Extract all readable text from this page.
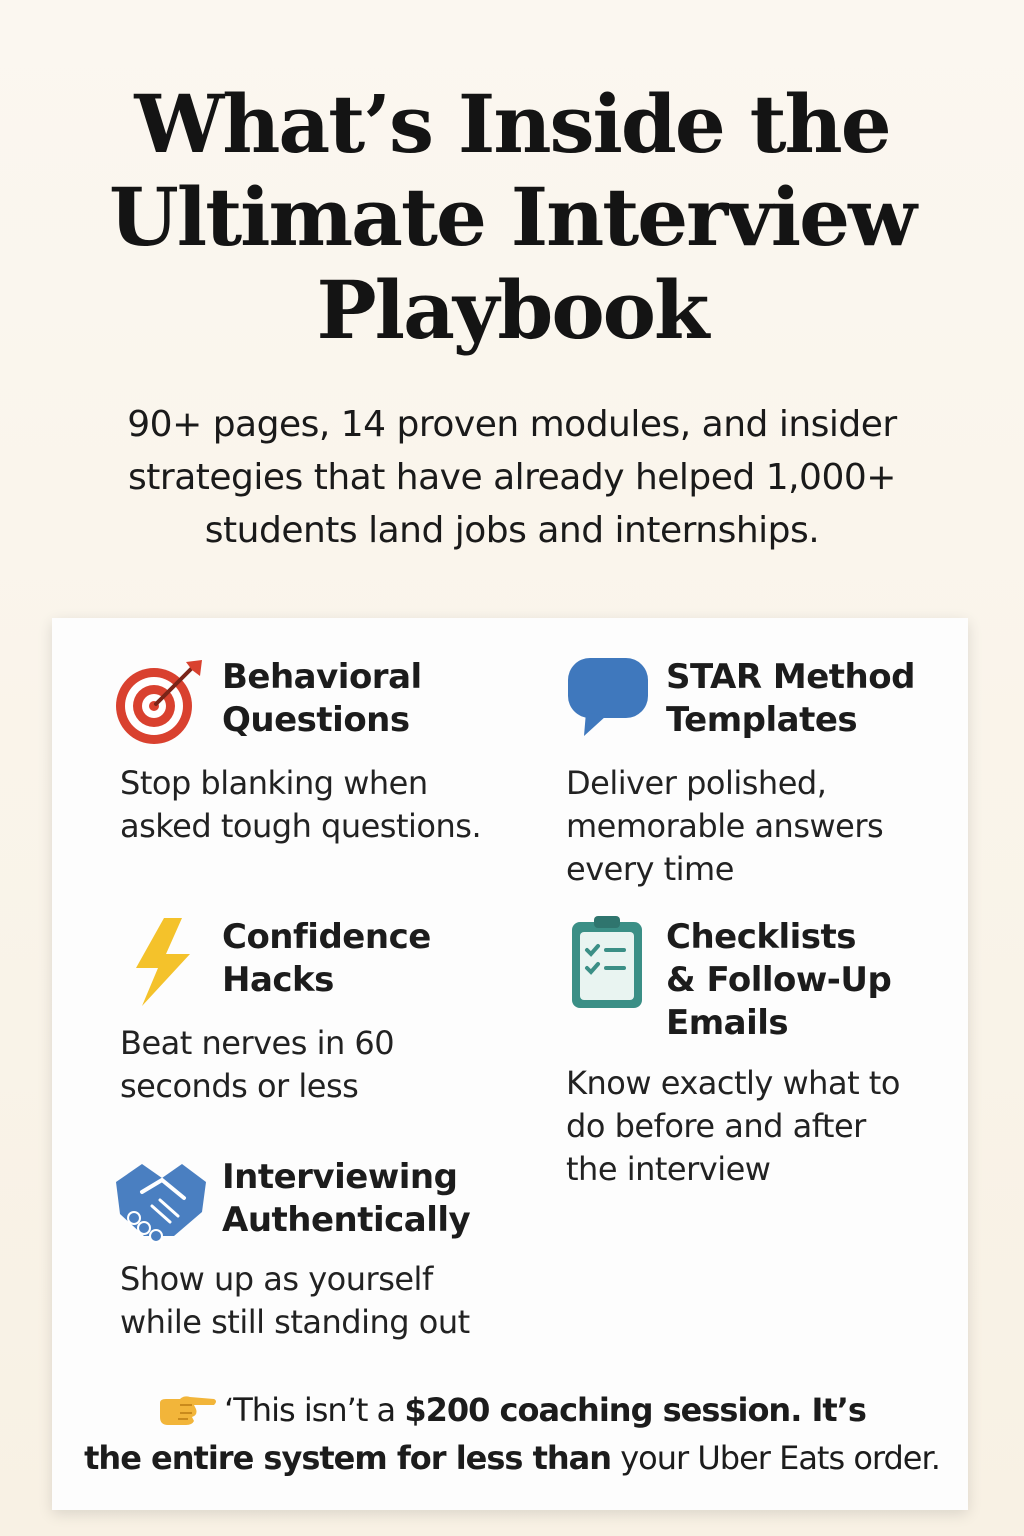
What’s Inside the
Ultimate Interview
Playbook

90+ pages, 14 proven modules, and insider
strategies that have already helped 1,000+
students land jobs and internships.

Behavioral
Questions

Stop blanking when
asked tough questions.

STAR Method
Templates

Deliver polished,
memorable answers
every time

Confidence
Hacks

Beat nerves in 60
seconds or less

Checklists
& Follow-Up
Emails

Know exactly what to
do before and after
the interview

Interviewing
Authentically

Show up as yourself
while still standing out

‘This isn’t a $200 coaching session. It’s
the entire system for less than your Uber Eats order.
